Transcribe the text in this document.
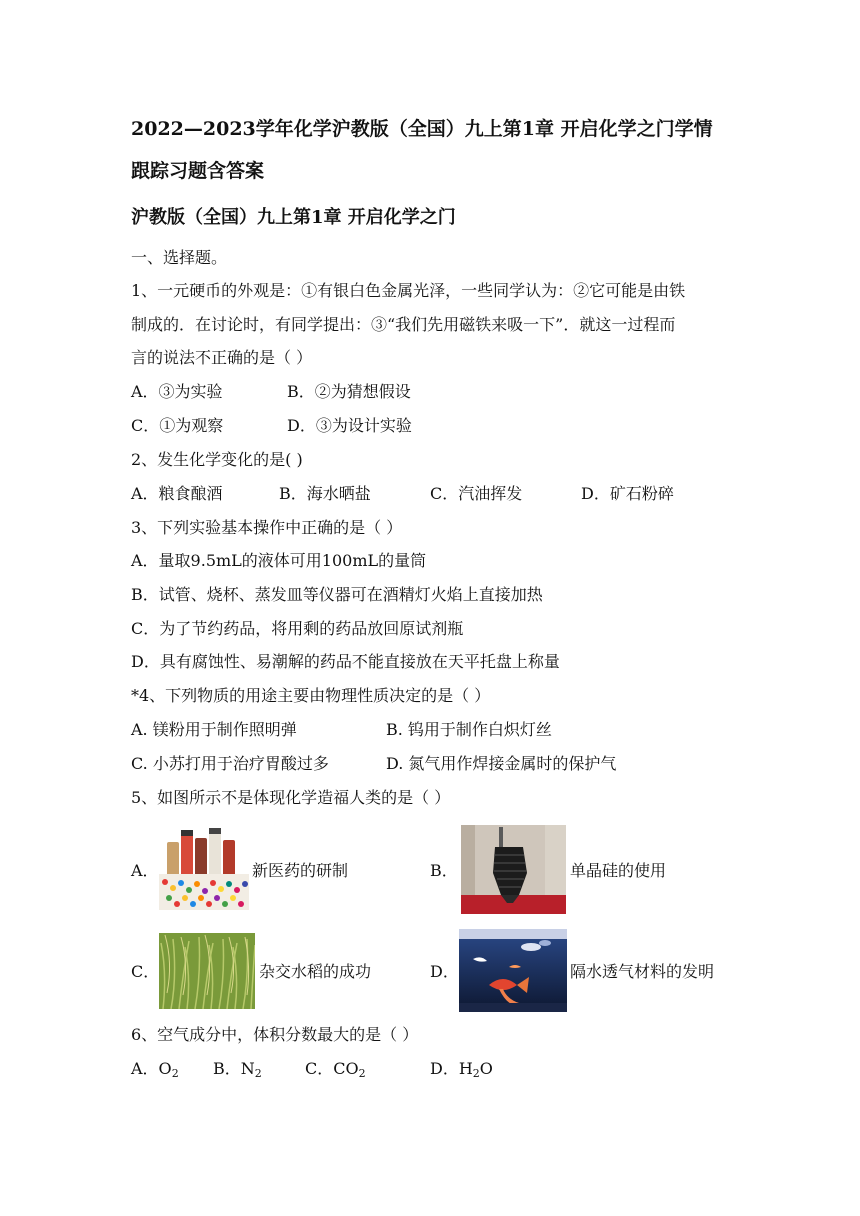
2022—2023学年化学沪教版（全国）九上第1章 开启化学之门学情
跟踪习题含答案
沪教版（全国）九上第1章 开启化学之门
一、选择题。
1、一元硬币的外观是：①有银白色金属光泽，一些同学认为：②它可能是由铁
制成的．在讨论时，有同学提出：③“我们先用磁铁来吸一下”．就这一过程而
言的说法不正确的是（ ）
A．③为实验	B．②为猜想假设
C．①为观察	D．③为设计实验
2、发生化学变化的是( )
A．粮食酿酒	B．海水晒盐	C．汽油挥发	D．矿石粉碎
3、下列实验基本操作中正确的是（ ）
A．量取9.5mL的液体可用100mL的量筒
B．试管、烧杯、蒸发皿等仪器可在酒精灯火焰上直接加热
C．为了节约药品，将用剩的药品放回原试剂瓶
D．具有腐蚀性、易潮解的药品不能直接放在天平托盘上称量
*4、下列物质的用途主要由物理性质决定的是（ ）
A. 镁粉用于制作照明弹	B. 钨用于制作白炽灯丝
C. 小苏打用于治疗胃酸过多	D. 氮气用作焊接金属时的保护气
5、如图所示不是体现化学造福人类的是（ ）
A．	新医药的研制	B．	单晶硅的使用
C．	杂交水稻的成功	D．	隔水透气材料的发明
6、空气成分中，体积分数最大的是（ ）
A．$O_2$ B．$N_2$	C．$CO_2$	D．$H_2O$
